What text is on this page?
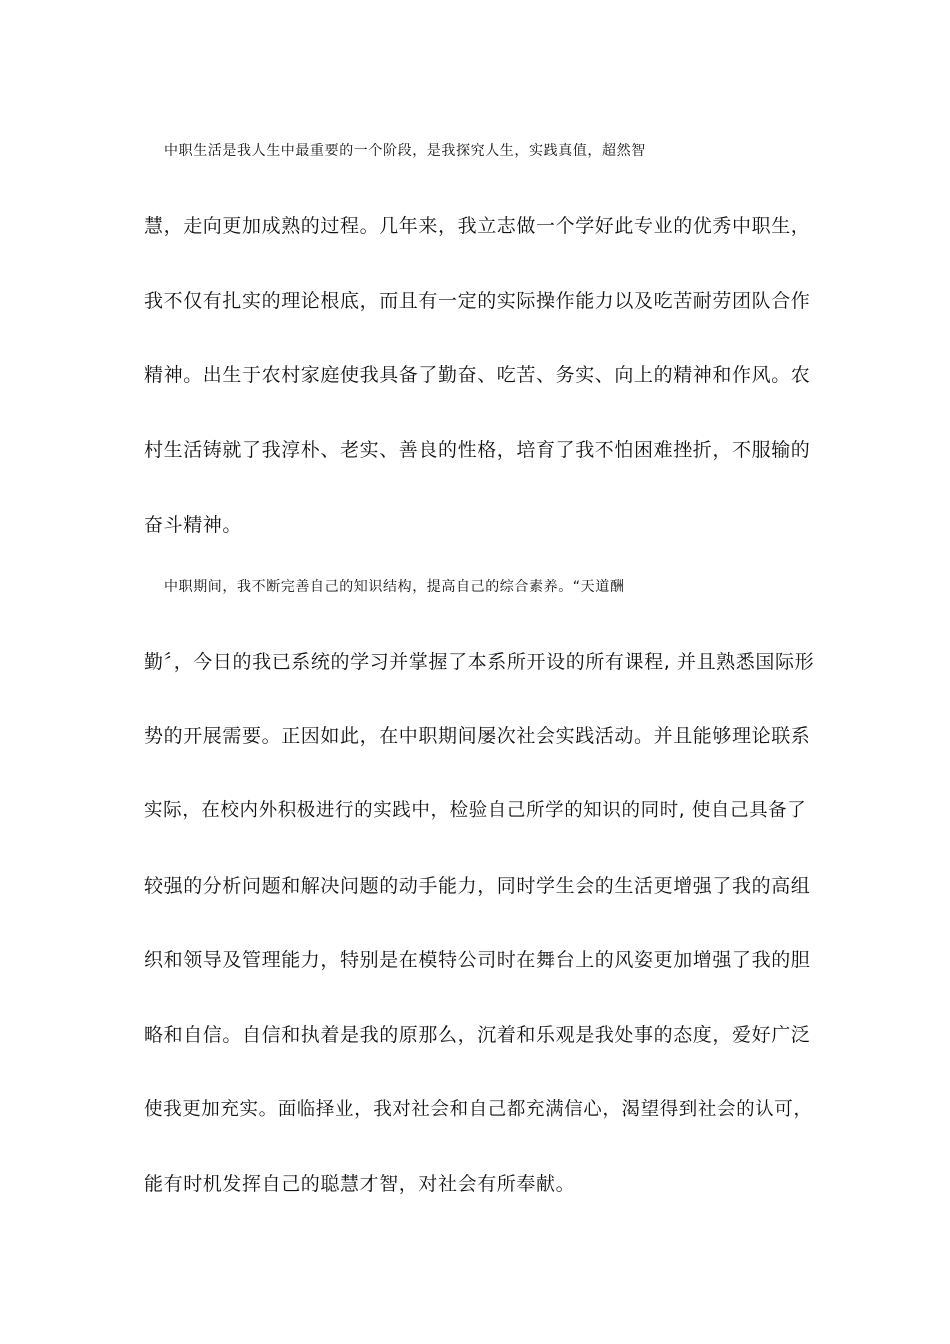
中职生活是我人生中最重要的一个阶段，是我探究人生，实践真值，超然智
慧，走向更加成熟的过程。几年来，我立志做一个学好此专业的优秀中职生，
我不仅有扎实的理论根底，而且有一定的实际操作能力以及吃苦耐劳团队合作
精神。出生于农村家庭使我具备了勤奋、吃苦、务实、向上的精神和作风。农
村生活铸就了我淳朴、老实、善良的性格，培育了我不怕困难挫折，不服输的
奋斗精神。
中职期间，我不断完善自己的知识结构，提高自己的综合素养。“天道酬
勤〞，今日的我已系统的学习并掌握了本系所开设的所有课程, 并且熟悉国际形
势的开展需要。正因如此，在中职期间屡次社会实践活动。并且能够理论联系
实际，在校内外积极进行的实践中，检验自己所学的知识的同时, 使自己具备了
较强的分析问题和解决问题的动手能力，同时学生会的生活更增强了我的高组
织和领导及管理能力，特别是在模特公司时在舞台上的风姿更加增强了我的胆
略和自信。自信和执着是我的原那么，沉着和乐观是我处事的态度，爱好广泛
使我更加充实。面临择业，我对社会和自己都充满信心，渴望得到社会的认可，
能有时机发挥自己的聪慧才智，对社会有所奉献。
